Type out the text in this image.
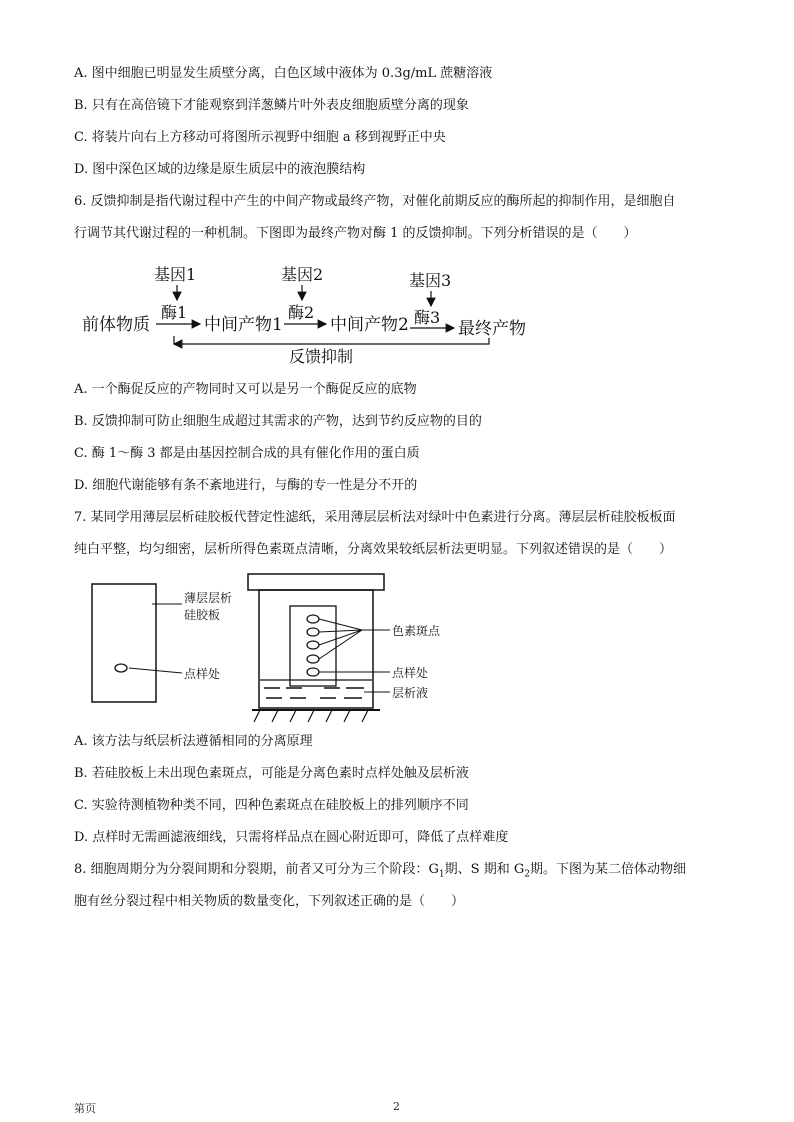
A. 图中细胞已明显发生质壁分离，白色区域中液体为 0.3g/mL 蔗糖溶液
B. 只有在高倍镜下才能观察到洋葱鳞片叶外表皮细胞质壁分离的现象
C. 将装片向右上方移动可将图所示视野中细胞 a 移到视野正中央
D. 图中深色区域的边缘是原生质层中的液泡膜结构
6. 反馈抑制是指代谢过程中产生的中间产物或最终产物，对催化前期反应的酶所起的抑制作用，是细胞自
行调节其代谢过程的一种机制。下图即为最终产物对酶 1 的反馈抑制。下列分析错误的是（　　）
基因1	基因2	基因3
酶1	酶2	酶3
前体物质	中间产物1	中间产物2	最终产物
反馈抑制
A. 一个酶促反应的产物同时又可以是另一个酶促反应的底物
B. 反馈抑制可防止细胞生成超过其需求的产物，达到节约反应物的目的
C. 酶 1～酶 3 都是由基因控制合成的具有催化作用的蛋白质
D. 细胞代谢能够有条不紊地进行，与酶的专一性是分不开的
7. 某同学用薄层层析硅胶板代替定性滤纸，采用薄层层析法对绿叶中色素进行分离。薄层层析硅胶板板面
纯白平整，均匀细密，层析所得色素斑点清晰，分离效果较纸层析法更明显。下列叙述错误的是（　　）
薄层层析
硅胶板
点样处
色素斑点
点样处
层析液
A. 该方法与纸层析法遵循相同的分离原理
B. 若硅胶板上未出现色素斑点，可能是分离色素时点样处触及层析液
C. 实验待测植物种类不同，四种色素斑点在硅胶板上的排列顺序不同
D. 点样时无需画滤液细线，只需将样品点在圆心附近即可，降低了点样难度
8. 细胞周期分为分裂间期和分裂期，前者又可分为三个阶段：$G_1$期、S 期和 $G_2$期。下图为某二倍体动物细
胞有丝分裂过程中相关物质的数量变化，下列叙述正确的是（　　）
第页	2
